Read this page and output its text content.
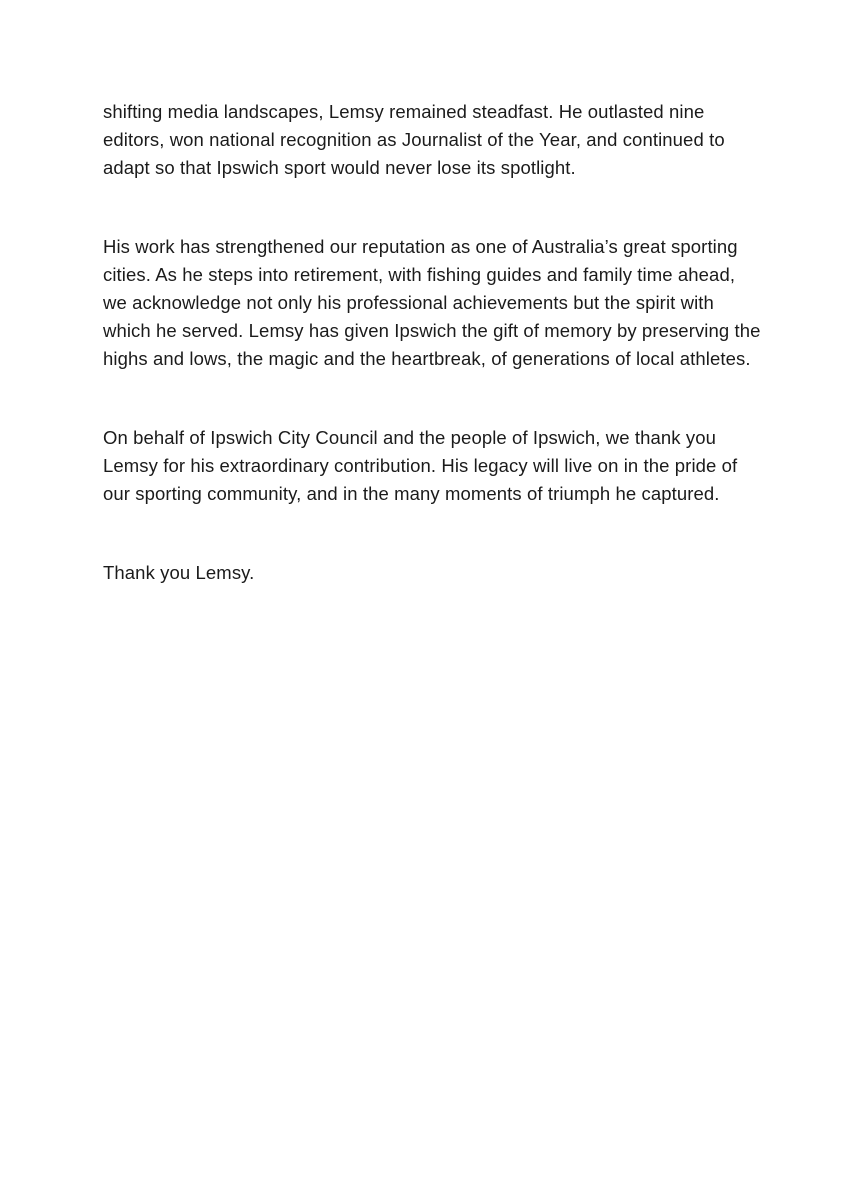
shifting media landscapes, Lemsy remained steadfast. He outlasted nine
editors, won national recognition as Journalist of the Year, and continued to
adapt so that Ipswich sport would never lose its spotlight.
His work has strengthened our reputation as one of Australia’s great sporting
cities. As he steps into retirement, with fishing guides and family time ahead,
we acknowledge not only his professional achievements but the spirit with
which he served. Lemsy has given Ipswich the gift of memory by preserving the
highs and lows, the magic and the heartbreak, of generations of local athletes.
On behalf of Ipswich City Council and the people of Ipswich, we thank you
Lemsy for his extraordinary contribution. His legacy will live on in the pride of
our sporting community, and in the many moments of triumph he captured.
Thank you Lemsy.
